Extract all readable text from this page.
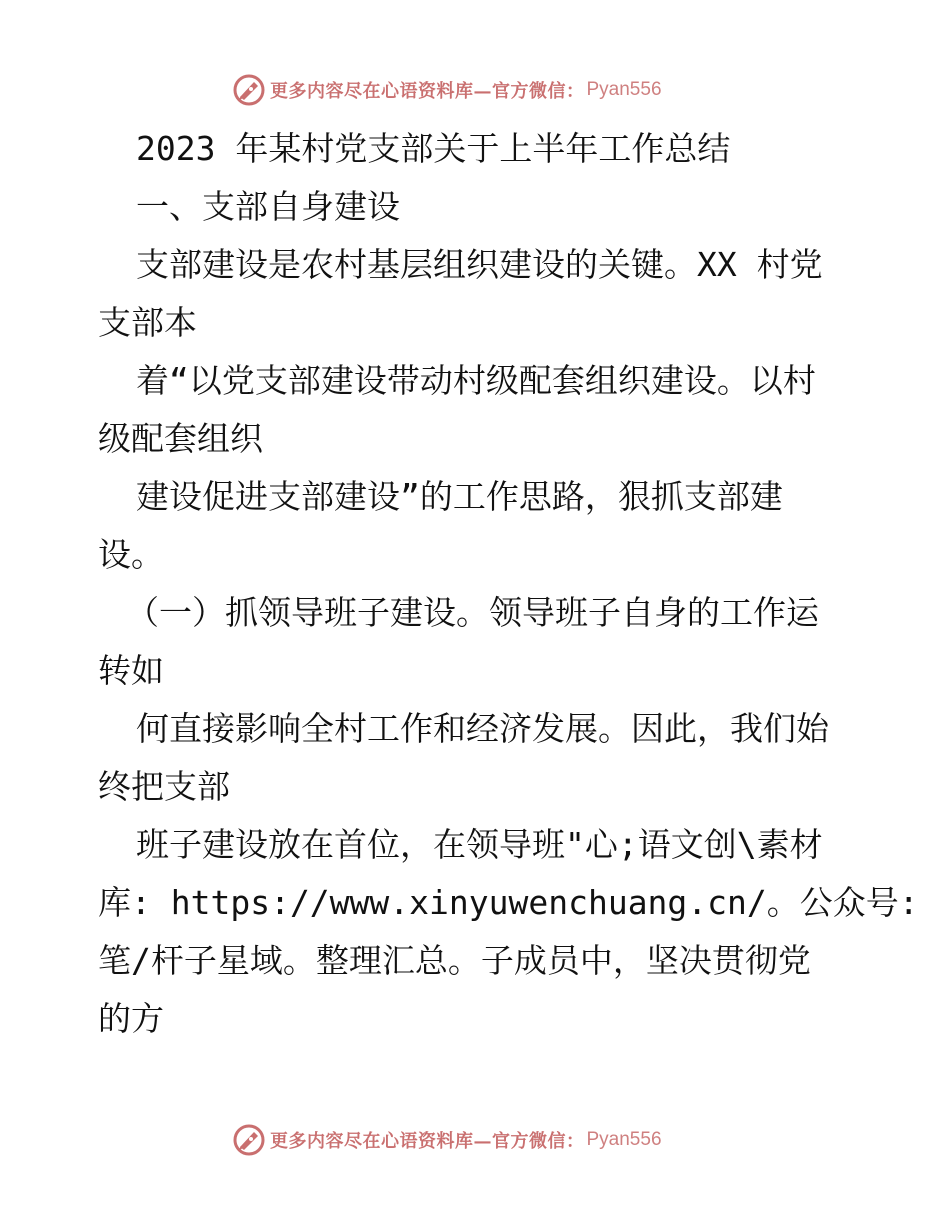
更多内容尽在心语资料库—官方微信： Pyan556
2023 年某村党支部关于上半年工作总结
一、支部自身建设
支部建设是农村基层组织建设的关键。XX 村党
支部本
着“以党支部建设带动村级配套组织建设。以村
级配套组织
建设促进支部建设”的工作思路，狠抓支部建
设。
（一）抓领导班子建设。领导班子自身的工作运
转如
何直接影响全村工作和经济发展。因此，我们始
终把支部
班子建设放在首位，在领导班"心;语文创\素材
库: https://www.xinyuwenchuang.cn/。公众号:
笔/杆子星域。整理汇总。子成员中，坚决贯彻党
的方
更多内容尽在心语资料库—官方微信： Pyan556
